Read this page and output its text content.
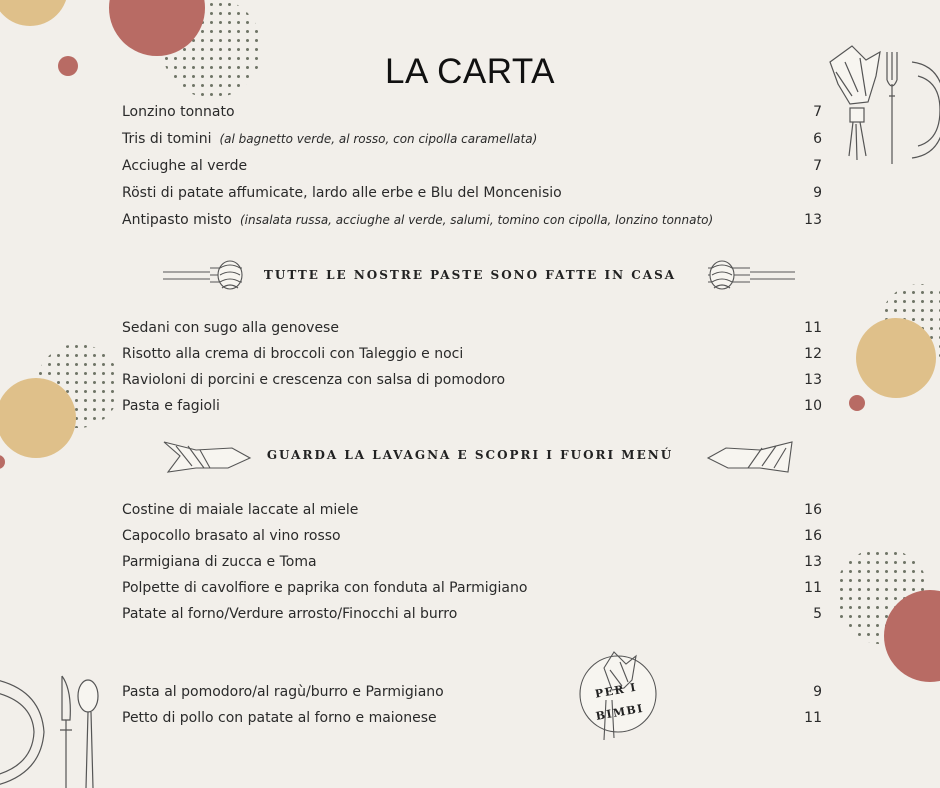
LA CARTA
Lonzino tonnato	7
Tris di tomini (al bagnetto verde, al rosso, con cipolla caramellata)	6
Acciughe al verde	7
Rösti di patate affumicate, lardo alle erbe e Blu del Moncenisio	9
Antipasto misto (insalata russa, acciughe al verde, salumi, tomino con cipolla, lonzino tonnato)	13
TUTTE LE NOSTRE PASTE SONO FATTE IN CASA
Sedani con sugo alla genovese	11
Risotto alla crema di broccoli con Taleggio e noci	12
Ravioloni di porcini e crescenza con salsa di pomodoro	13
Pasta e fagioli	10
GUARDA LA LAVAGNA E SCOPRI I FUORI MENÚ
Costine di maiale laccate al miele	16
Capocollo brasato al vino rosso	16
Parmigiana di zucca e Toma	13
Polpette di cavolfiore e paprika con fonduta al Parmigiano	11
Patate al forno/Verdure arrosto/Finocchi al burro	5
PER I
BIMBI
Pasta al pomodoro/al ragù/burro e Parmigiano	9
Petto di pollo con patate al forno e maionese	11
